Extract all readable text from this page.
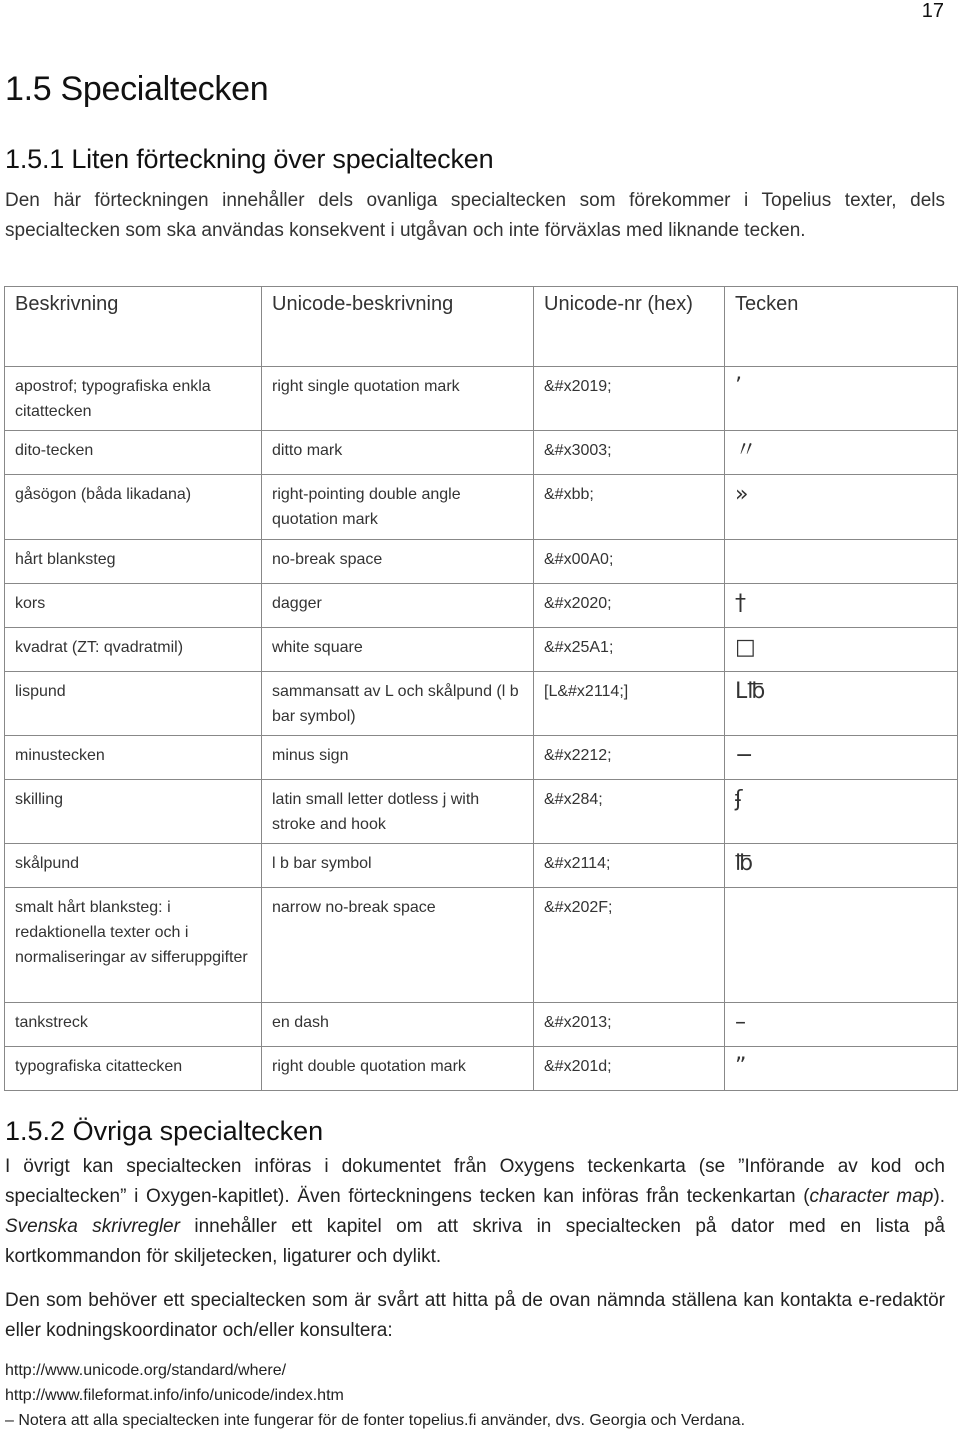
17
1.5 Specialtecken
1.5.1 Liten förteckning över specialtecken

Den här förteckningen innehåller dels ovanliga specialtecken som förekommer i Topelius texter, dels specialtecken som ska användas konsekvent i utgåvan och inte förväxlas med liknande tecken.

Beskrivning	Unicode-beskrivning	Unicode-nr (hex)	Tecken
apostrof; typografiska enkla citattecken	right single quotation mark	&#x2019;	’
dito-tecken	ditto mark	&#x3003;	〃
gåsögon (båda likadana)	right-pointing double angle quotation mark	&#xbb;	»
hårt blanksteg	no-break space	&#x00A0;	
kors	dagger	&#x2020;	†
kvadrat (ZT: qvadratmil)	white square	&#x25A1;	□
lispund	sammansatt av L och skålpund (l b bar symbol)	[L&#x2114;]	L℔
minustecken	minus sign	&#x2212;	−
skilling	latin small letter dotless j with stroke and hook	&#x284;	ʄ
skålpund	l b bar symbol	&#x2114;	℔
smalt hårt blanksteg: i redaktionella texter och i normaliseringar av sifferuppgifter	narrow no-break space	&#x202F;	
tankstreck	en dash	&#x2013;	–
typografiska citattecken	right double quotation mark	&#x201d;	”
1.5.2 Övriga specialtecken

I övrigt kan specialtecken införas i dokumentet från Oxygens teckenkarta (se ”Införande av kod och specialtecken” i Oxygen-kapitlet). Även förteckningens tecken kan införas från teckenkartan (character map). Svenska skrivregler innehåller ett kapitel om att skriva in specialtecken på dator med en lista på kortkommandon för skiljetecken, ligaturer och dylikt.

Den som behöver ett specialtecken som är svårt att hitta på de ovan nämnda ställena kan kontakta e-redaktör eller kodningskoordinator och/eller konsultera:

http://www.unicode.org/standard/where/
http://www.fileformat.info/info/unicode/index.htm
– Notera att alla specialtecken inte fungerar för de fonter topelius.fi använder, dvs. Georgia och Verdana.
